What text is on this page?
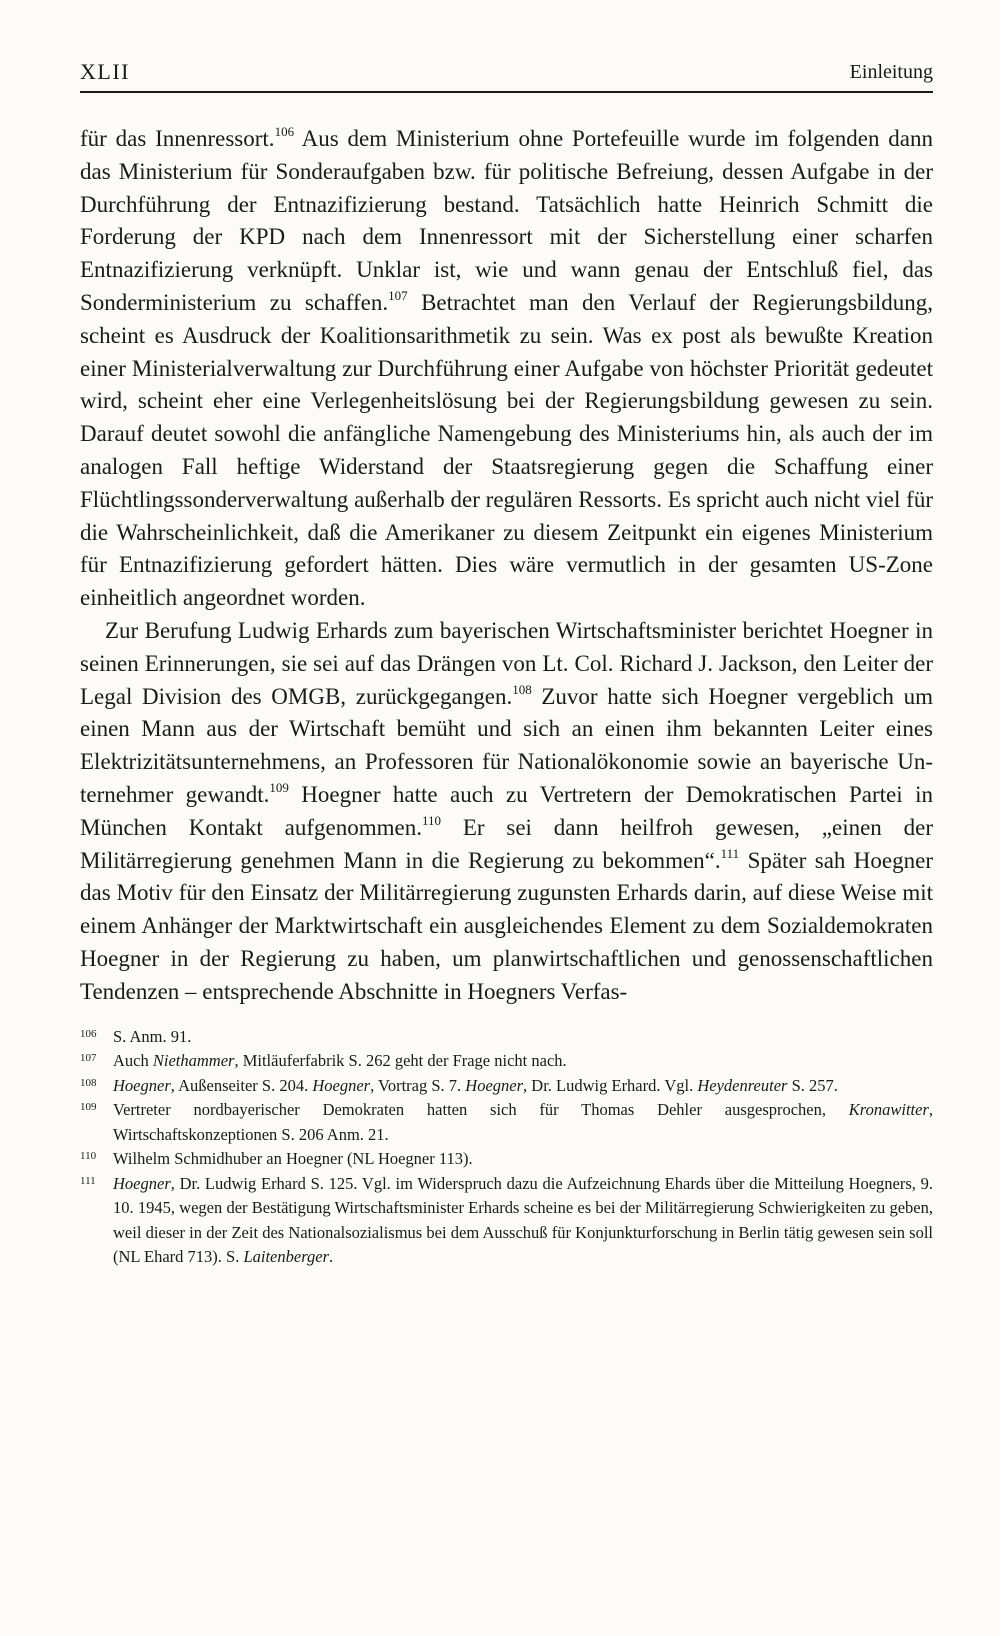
XLII	Einleitung

für das Innenressort.$^{106}$ Aus dem Ministerium ohne Portefeuille wurde im folgenden dann das Ministerium für Sonderaufgaben bzw. für politische Befreiung, dessen Aufgabe in der Durchführung der Entnazifizierung bestand. Tatsächlich hatte Heinrich Schmitt die Forderung der KPD nach dem Innenressort mit der Sicherstellung einer scharfen Entnazifizierung verknüpft. Unklar ist, wie und wann genau der Entschluß fiel, das Sonderministerium zu schaffen.$^{107}$ Betrachtet man den Verlauf der Regierungsbildung, scheint es Ausdruck der Koalitionsarithmetik zu sein. Was ex post als bewußte Kreation einer Ministerialverwaltung zur Durchführung einer Aufgabe von höchster Priorität gedeutet wird, scheint eher eine Verlegenheitslösung bei der Regierungsbildung gewesen zu sein. Darauf deutet sowohl die anfängliche Namengebung des Ministeriums hin, als auch der im analogen Fall heftige Widerstand der Staatsregierung gegen die Schaffung einer Flüchtlingssonderverwaltung außerhalb der regulären Ressorts. Es spricht auch nicht viel für die Wahrscheinlichkeit, daß die Amerikaner zu diesem Zeitpunkt ein eigenes Ministerium für Entnazifizierung gefordert hätten. Dies wäre vermutlich in der gesamten US-Zone einheitlich angeordnet worden.

Zur Berufung Ludwig Erhards zum bayerischen Wirtschaftsminister berichtet Hoegner in seinen Erinnerungen, sie sei auf das Drängen von Lt. Col. Richard J. Jackson, den Leiter der Legal Division des OMGB, zurückgegangen.$^{108}$ Zuvor hatte sich Hoegner vergeblich um einen Mann aus der Wirtschaft bemüht und sich an einen ihm bekannten Leiter eines Elektrizitätsunternehmens, an Professoren für Nationalökonomie sowie an bayerische Unternehmer gewandt.$^{109}$ Hoegner hatte auch zu Vertretern der Demokratischen Partei in München Kontakt aufgenommen.$^{110}$ Er sei dann heilfroh gewesen, „einen der Militärregierung genehmen Mann in die Regierung zu bekommen“.$^{111}$ Später sah Hoegner das Motiv für den Einsatz der Militärregierung zugunsten Erhards darin, auf diese Weise mit einem Anhänger der Marktwirtschaft ein ausgleichendes Element zu dem Sozialdemokraten Hoegner in der Regierung zu haben, um planwirtschaftlichen und genossenschaftlichen Tendenzen – entsprechende Abschnitte in Hoegners Verfas-

106	S. Anm. 91.
107	Auch Niethammer, Mitläuferfabrik S. 262 geht der Frage nicht nach.
108	Hoegner, Außenseiter S. 204. Hoegner, Vortrag S. 7. Hoegner, Dr. Ludwig Erhard. Vgl. Heydenreuter S. 257.
109	Vertreter nordbayerischer Demokraten hatten sich für Thomas Dehler ausgesprochen, Kronawitter, Wirtschaftskonzeptionen S. 206 Anm. 21.
110	Wilhelm Schmidhuber an Hoegner (NL Hoegner 113).
111	Hoegner, Dr. Ludwig Erhard S. 125. Vgl. im Widerspruch dazu die Aufzeichnung Ehards über die Mitteilung Hoegners, 9. 10. 1945, wegen der Bestätigung Wirtschaftsminister Erhards scheine es bei der Militärregierung Schwierigkeiten zu geben, weil dieser in der Zeit des Nationalsozialismus bei dem Ausschuß für Konjunkturforschung in Berlin tätig gewesen sein soll (NL Ehard 713). S. Laitenberger.
